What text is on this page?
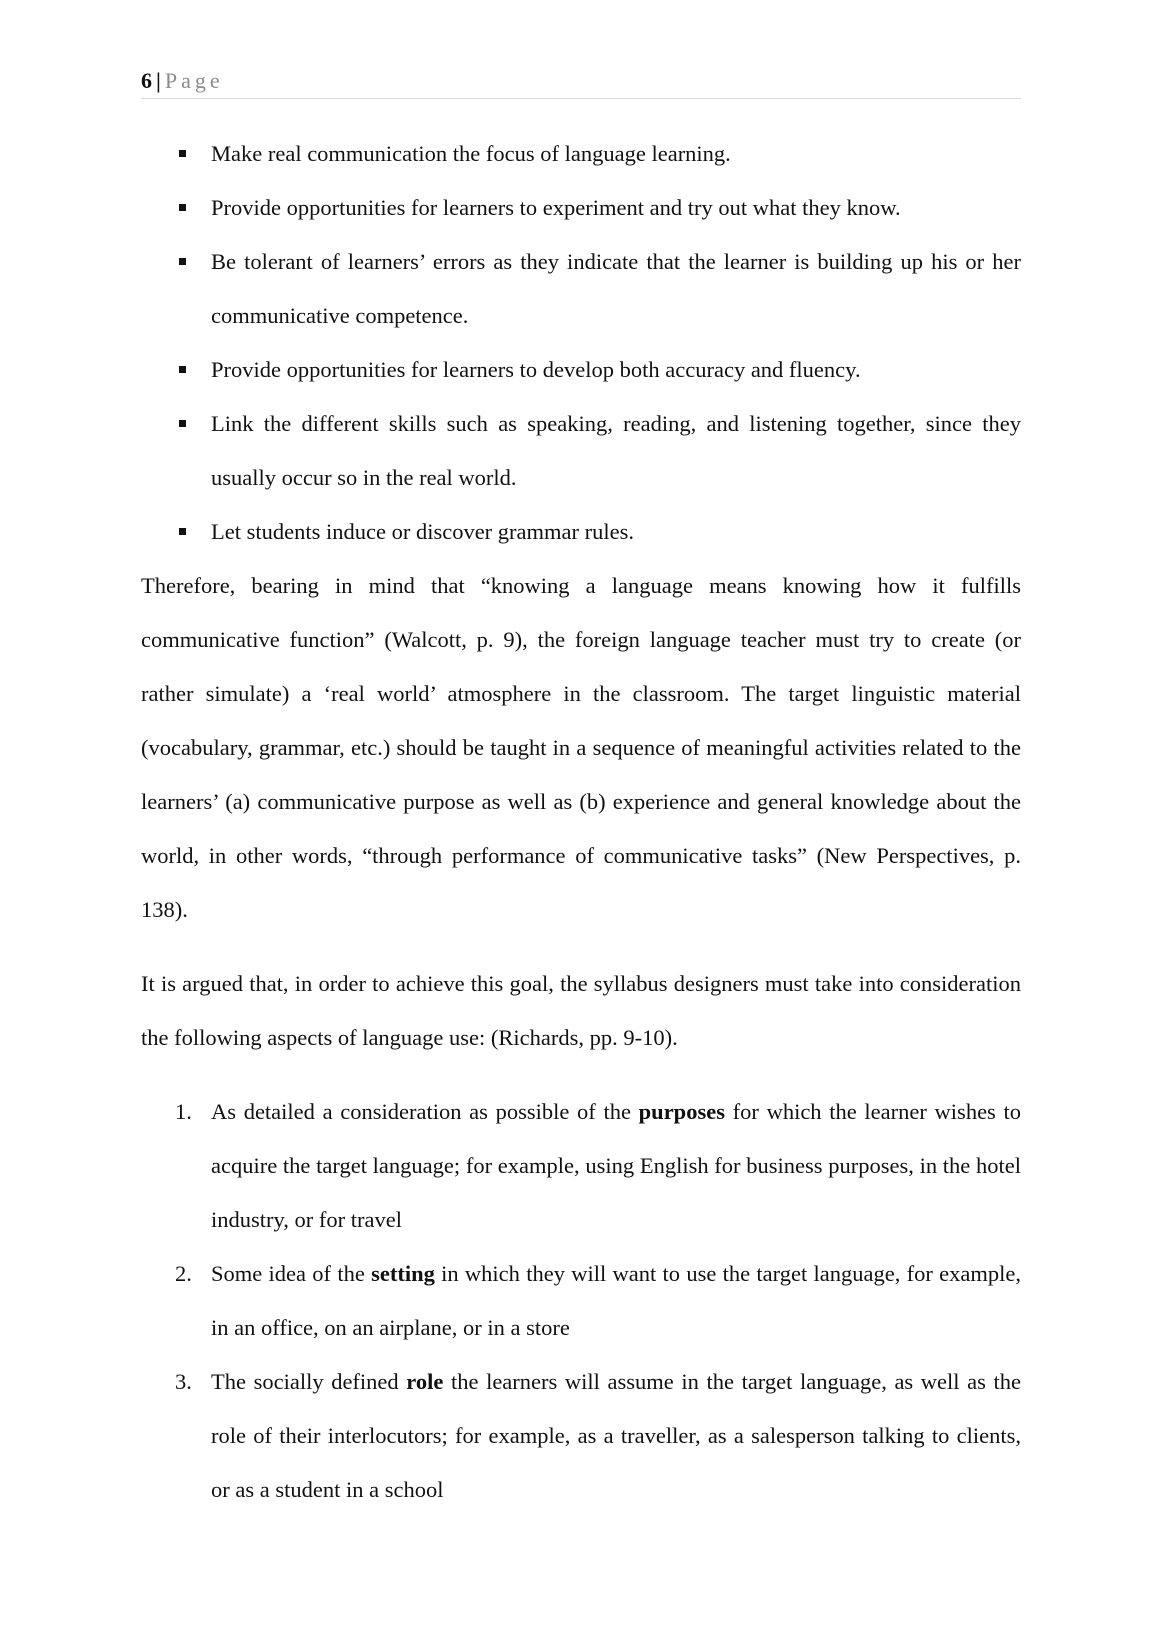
6 | Page
Make real communication the focus of language learning.
Provide opportunities for learners to experiment and try out what they know.
Be tolerant of learners’ errors as they indicate that the learner is building up his or her communicative competence.
Provide opportunities for learners to develop both accuracy and fluency.
Link the different skills such as speaking, reading, and listening together, since they usually occur so in the real world.
Let students induce or discover grammar rules.

Therefore, bearing in mind that “knowing a language means knowing how it fulfills communicative function” (Walcott, p. 9), the foreign language teacher must try to create (or rather simulate) a ‘real world’ atmosphere in the classroom. The target linguistic material (vocabulary, grammar, etc.) should be taught in a sequence of meaningful activities related to the learners’ (a) communicative purpose as well as (b) experience and general knowledge about the world, in other words, “through performance of communicative tasks” (New Perspectives, p. 138).

It is argued that, in order to achieve this goal, the syllabus designers must take into consideration the following aspects of language use: (Richards, pp. 9-10).

1. As detailed a consideration as possible of the purposes for which the learner wishes to acquire the target language; for example, using English for business purposes, in the hotel industry, or for travel
2. Some idea of the setting in which they will want to use the target language, for example, in an office, on an airplane, or in a store
3. The socially defined role the learners will assume in the target language, as well as the role of their interlocutors; for example, as a traveller, as a salesperson talking to clients, or as a student in a school
